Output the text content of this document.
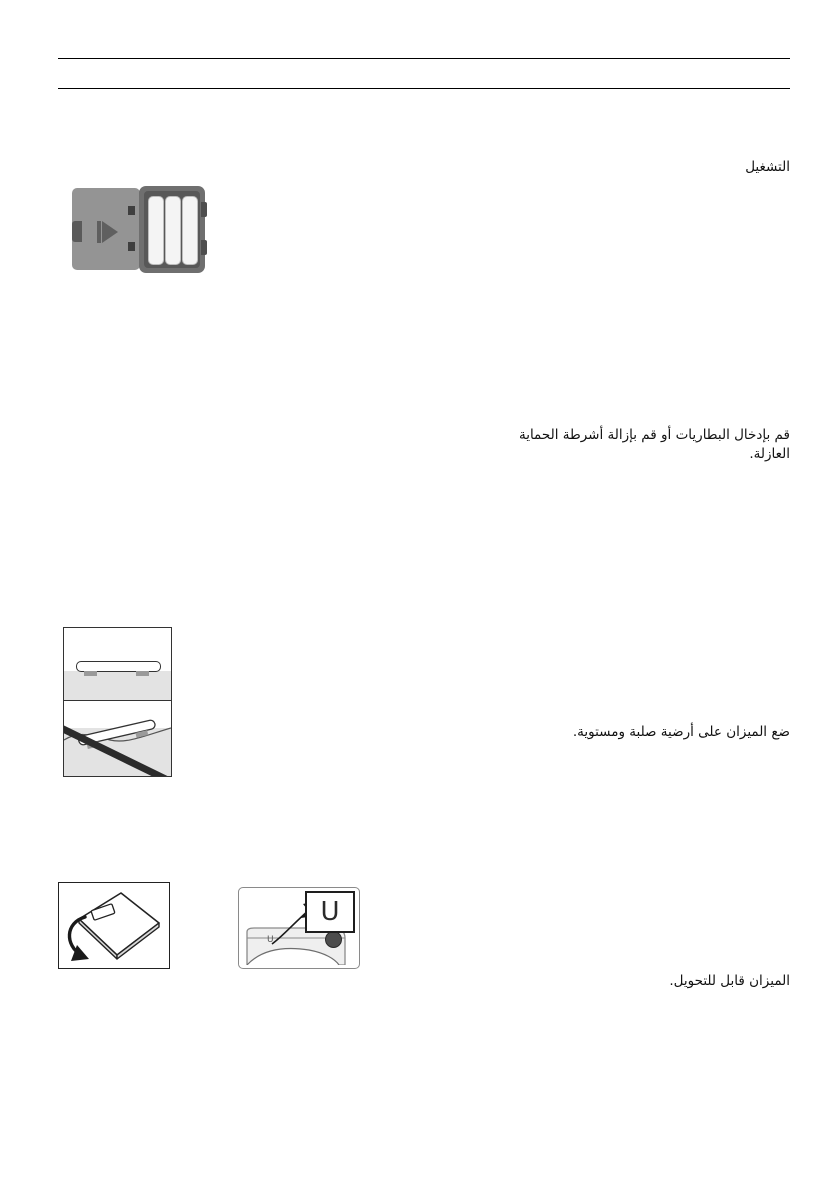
التشغيل
قم بإدخال البطاريات أو قم بإزالة أشرطة الحماية العازلة.
ضع الميزان على أرضية صلبة ومستوية.
U
U
الميزان قابل للتحويل.
